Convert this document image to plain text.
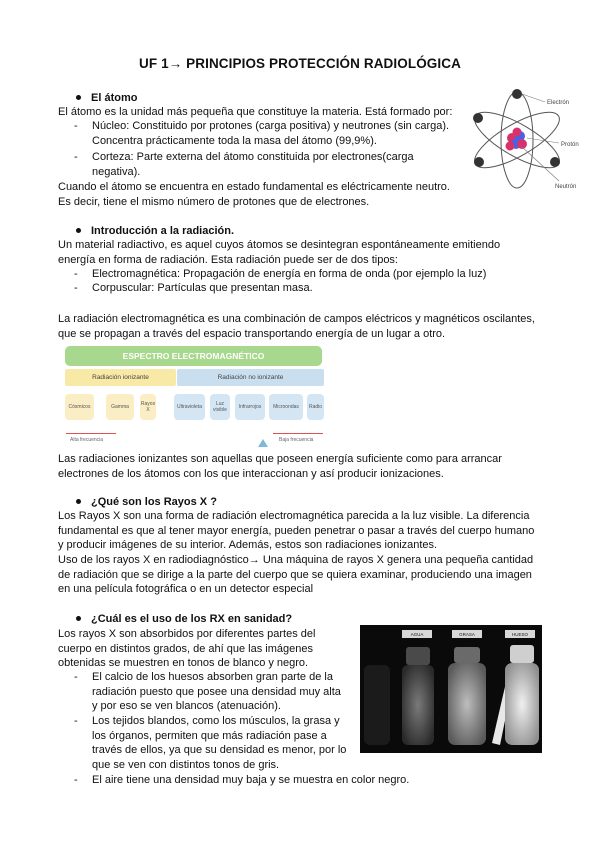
UF 1→ PRINCIPIOS PROTECCIÓN RADIOLÓGICA
El átomo
El átomo es la unidad más pequeña que constituye la materia. Está formado por:
- Núcleo: Constituido por protones (carga positiva) y neutrones (sin carga).
Concentra prácticamente toda la masa del átomo (99,9%).
- Corteza: Parte externa del átomo constituida por electrones(carga
negativa).
Cuando el átomo se encuentra en estado fundamental es eléctricamente neutro.
Es decir, tiene el mismo número de protones que de electrones.
Electrón
Protón
Neutrón
Introducción a la radiación.
Un material radiactivo, es aquel cuyos átomos se desintegran espontáneamente emitiendo
energía en forma de radiación. Esta radiación puede ser de dos tipos:
- Electromagnética: Propagación de energía en forma de onda (por ejemplo la luz)
- Corpuscular: Partículas que presentan masa.
La radiación electromagnética es una combinación de campos eléctricos y magnéticos oscilantes,
que se propagan a través del espacio transportando energía de un lugar a otro.
ESPECTRO ELECTROMAGNÉTICO
Radiación ionizante	Radiación no ionizante
Cósmicos	Gamma	Rayos X	Ultravioleta	Luz visible	Infrarrojos	Microondas	Radio
Alta frecuencia	Baja frecuencia
Las radiaciones ionizantes son aquellas que poseen energía suficiente como para arrancar
electrones de los átomos con los que interaccionan y así producir ionizaciones.
¿Qué son los Rayos X ?
Los Rayos X son una forma de radiación electromagnética parecida a la luz visible. La diferencia
fundamental es que al tener mayor energía, pueden penetrar o pasar a través del cuerpo humano
y producir imágenes de su interior. Además, estos son radiaciones ionizantes.
Uso de los rayos X en radiodiagnóstico→ Una máquina de rayos X genera una pequeña cantidad
de radiación que se dirige a la parte del cuerpo que se quiera examinar, produciendo una imagen
en una película fotográfica o en un detector especial
¿Cuál es el uso de los RX en sanidad?
Los rayos X son absorbidos por diferentes partes del
cuerpo en distintos grados, de ahí que las imágenes
obtenidas se muestren en tonos de blanco y negro.
- El calcio de los huesos absorben gran parte de la
radiación puesto que posee una densidad muy alta
y por eso se ven blancos (atenuación).
- Los tejidos blandos, como los músculos, la grasa y
los órganos, permiten que más radiación pase a
través de ellos, ya que su densidad es menor, por lo
que se ven con distintos tonos de gris.
- El aire tiene una densidad muy baja y se muestra en color negro.
AGUA	GRASA	HUESO
